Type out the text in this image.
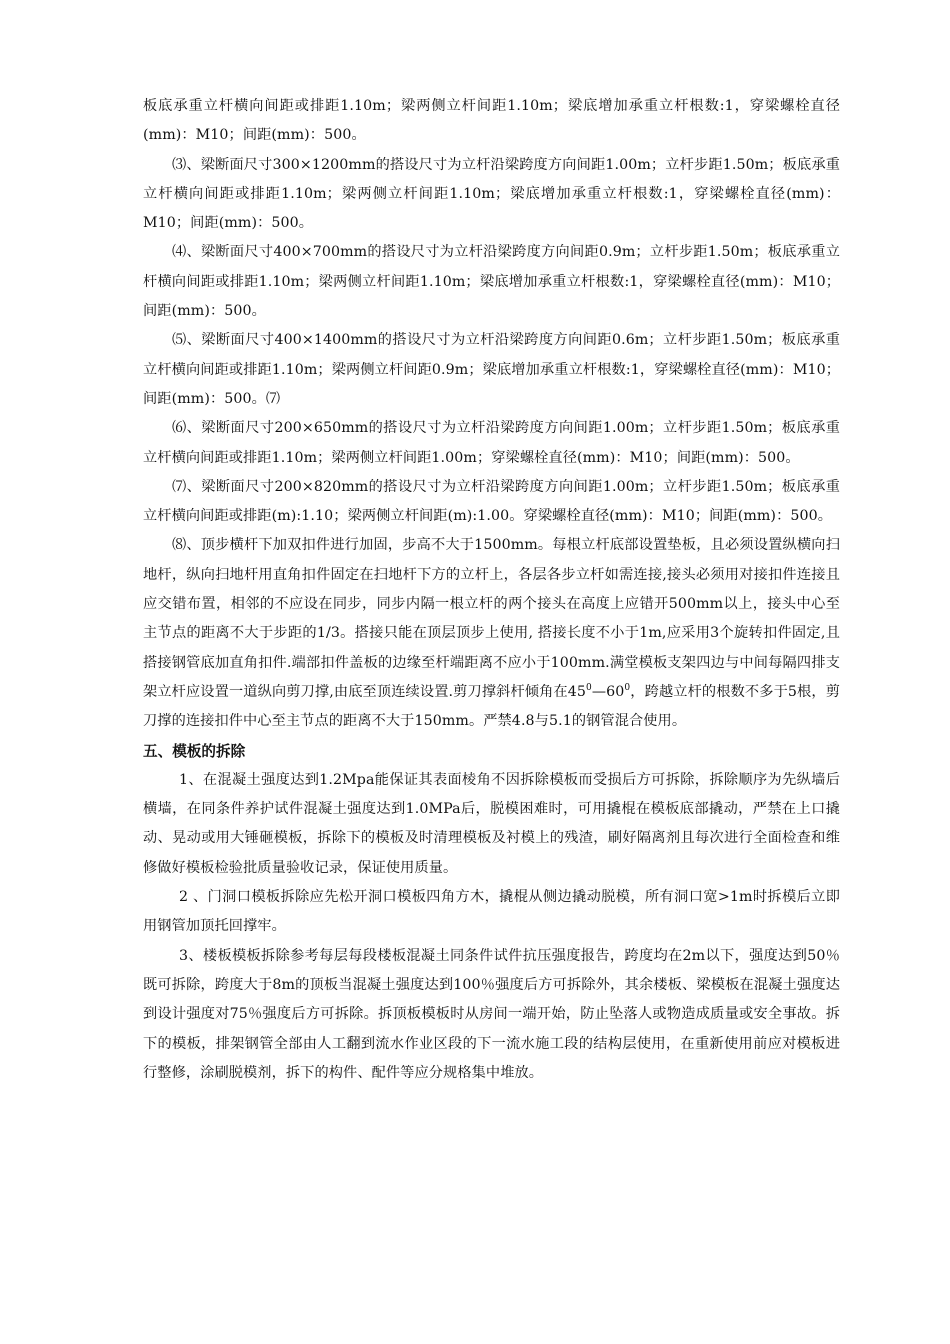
板底承重立杆横向间距或排距1.10m；梁两侧立杆间距1.10m；梁底增加承重立杆根数:1，穿梁螺栓直径(mm)：M10；间距(mm)：500。

⑶、梁断面尺寸300×1200mm的搭设尺寸为立杆沿梁跨度方向间距1.00m；立杆步距1.50m；板底承重立杆横向间距或排距1.10m；梁两侧立杆间距1.10m；梁底增加承重立杆根数:1，穿梁螺栓直径(mm)：M10；间距(mm)：500。

⑷、梁断面尺寸400×700mm的搭设尺寸为立杆沿梁跨度方向间距0.9m；立杆步距1.50m；板底承重立杆横向间距或排距1.10m；梁两侧立杆间距1.10m；梁底增加承重立杆根数:1，穿梁螺栓直径(mm)：M10；间距(mm)：500。

⑸、梁断面尺寸400×1400mm的搭设尺寸为立杆沿梁跨度方向间距0.6m；立杆步距1.50m；板底承重立杆横向间距或排距1.10m；梁两侧立杆间距0.9m；梁底增加承重立杆根数:1，穿梁螺栓直径(mm)：M10；间距(mm)：500。⑺

⑹、梁断面尺寸200×650mm的搭设尺寸为立杆沿梁跨度方向间距1.00m；立杆步距1.50m；板底承重立杆横向间距或排距1.10m；梁两侧立杆间距1.00m；穿梁螺栓直径(mm)：M10；间距(mm)：500。

⑺、梁断面尺寸200×820mm的搭设尺寸为立杆沿梁跨度方向间距1.00m；立杆步距1.50m；板底承重立杆横向间距或排距(m):1.10；梁两侧立杆间距(m):1.00。穿梁螺栓直径(mm)：M10；间距(mm)：500。

⑻、顶步横杆下加双扣件进行加固，步高不大于1500mm。每根立杆底部设置垫板，且必须设置纵横向扫地杆，纵向扫地杆用直角扣件固定在扫地杆下方的立杆上，各层各步立杆如需连接,接头必须用对接扣件连接且应交错布置，相邻的不应设在同步，同步内隔一根立杆的两个接头在高度上应错开500mm以上，接头中心至主节点的距离不大于步距的1/3。搭接只能在顶层顶步上使用, 搭接长度不小于1m,应采用3个旋转扣件固定,且搭接钢管底加直角扣件.端部扣件盖板的边缘至杆端距离不应小于100mm.满堂模板支架四边与中间每隔四排支架立杆应设置一道纵向剪刀撑,由底至顶连续设置.剪刀撑斜杆倾角在$45^0—60^0$，跨越立杆的根数不多于5根，剪刀撑的连接扣件中心至主节点的距离不大于150mm。严禁4.8与5.1的钢管混合使用。

五、模板的拆除

1、在混凝土强度达到1.2Mpa能保证其表面棱角不因拆除模板而受损后方可拆除，拆除顺序为先纵墙后横墙，在同条件养护试件混凝土强度达到1.0MPa后，脱模困难时，可用撬棍在模板底部撬动，严禁在上口撬动、晃动或用大锤砸模板，拆除下的模板及时清理模板及衬模上的残渣，刷好隔离剂且每次进行全面检查和维修做好模板检验批质量验收记录，保证使用质量。

2 、门洞口模板拆除应先松开洞口模板四角方木，撬棍从侧边撬动脱模，所有洞口宽>1m时拆模后立即用钢管加顶托回撑牢。

3、楼板模板拆除参考每层每段楼板混凝土同条件试件抗压强度报告，跨度均在2m以下，强度达到50％既可拆除，跨度大于8m的顶板当混凝土强度达到100％强度后方可拆除外，其余楼板、梁模板在混凝土强度达到设计强度对75％强度后方可拆除。拆顶板模板时从房间一端开始，防止坠落人或物造成质量或安全事故。拆下的模板，排架钢管全部由人工翻到流水作业区段的下一流水施工段的结构层使用，在重新使用前应对模板进行整修，涂刷脱模剂，拆下的构件、配件等应分规格集中堆放。
